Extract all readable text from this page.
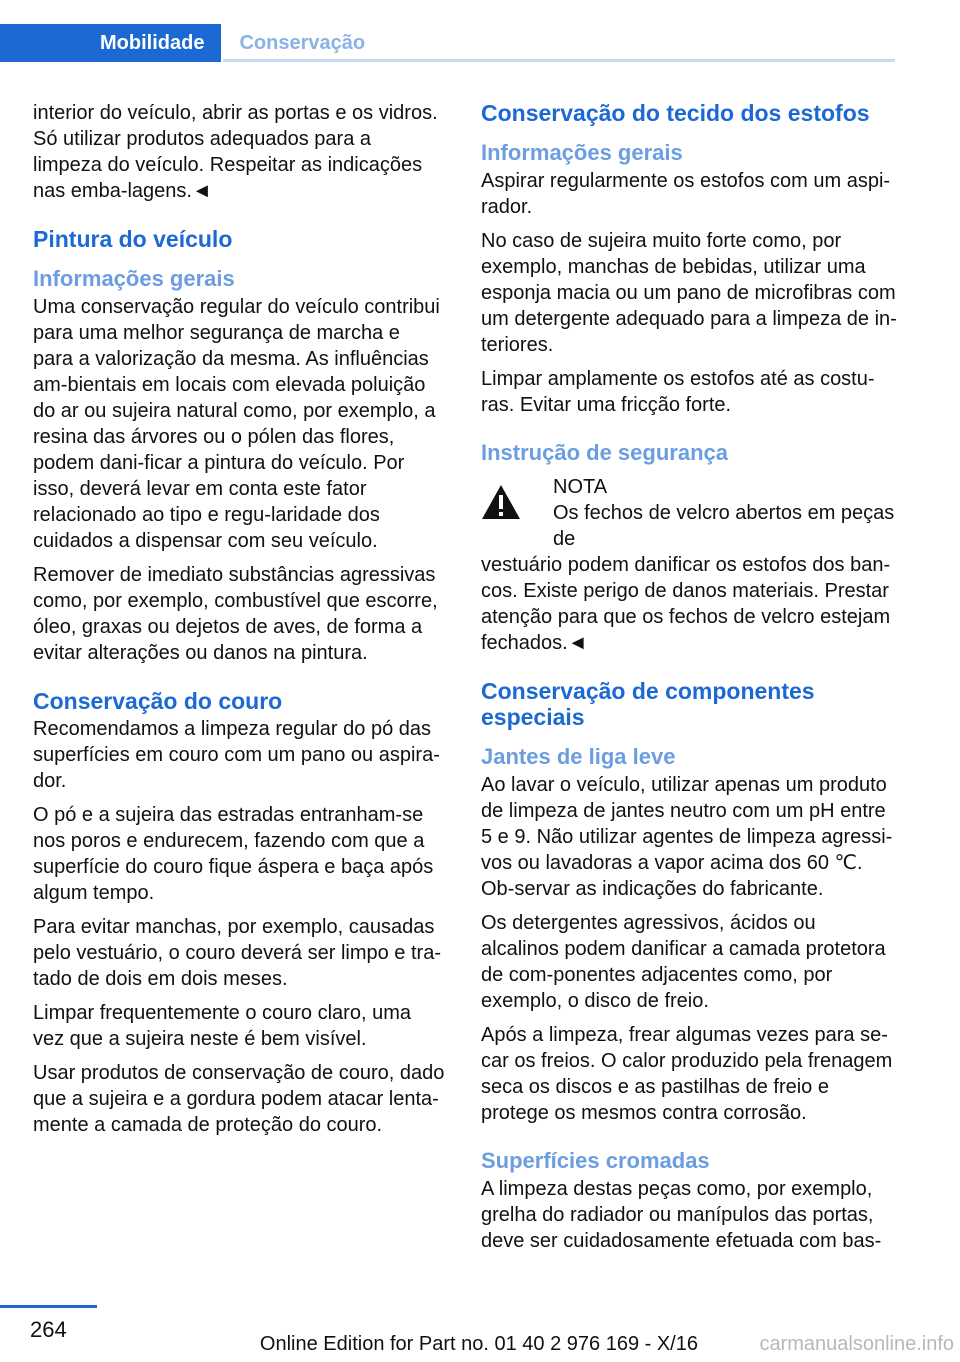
Mobilidade	Conservação

interior do veículo, abrir as portas e os vidros. Só utilizar produtos adequados para a limpeza do veículo. Respeitar as indicações nas emba‐lagens.◄

Pintura do veículo
Informações gerais

Uma conservação regular do veículo contribui para uma melhor segurança de marcha e para a valorização da mesma. As influências am‐bientais em locais com elevada poluição do ar ou sujeira natural como, por exemplo, a resina das árvores ou o pólen das flores, podem dani‐ficar a pintura do veículo. Por isso, deverá levar em conta este fator relacionado ao tipo e regu‐laridade dos cuidados a dispensar com seu veículo.

Remover de imediato substâncias agressivas como, por exemplo, combustível que escorre, óleo, graxas ou dejetos de aves, de forma a evitar alterações ou danos na pintura.

Conservação do couro

Recomendamos a limpeza regular do pó das superfícies em couro com um pano ou aspira‐dor.

O pó e a sujeira das estradas entranham-se nos poros e endurecem, fazendo com que a superfície do couro fique áspera e baça após algum tempo.

Para evitar manchas, por exemplo, causadas pelo vestuário, o couro deverá ser limpo e tra‐tado de dois em dois meses.

Limpar frequentemente o couro claro, uma vez que a sujeira neste é bem visível.

Usar produtos de conservação de couro, dado que a sujeira e a gordura podem atacar lenta‐mente a camada de proteção do couro.

Conservação do tecido dos estofos
Informações gerais

Aspirar regularmente os estofos com um aspi‐rador.

No caso de sujeira muito forte como, por exemplo, manchas de bebidas, utilizar uma esponja macia ou um pano de microfibras com um detergente adequado para a limpeza de in‐teriores.

Limpar amplamente os estofos até as costu‐ras. Evitar uma fricção forte.

Instrução de segurança
NOTA
Os fechos de velcro abertos em peças de
vestuário podem danificar os estofos dos ban‐cos. Existe perigo de danos materiais. Prestar atenção para que os fechos de velcro estejam fechados.◄
Conservação de componentes especiais
Jantes de liga leve

Ao lavar o veículo, utilizar apenas um produto de limpeza de jantes neutro com um pH entre 5 e 9. Não utilizar agentes de limpeza agressi‐vos ou lavadoras a vapor acima dos 60 ℃. Ob‐servar as indicações do fabricante.

Os detergentes agressivos, ácidos ou alcalinos podem danificar a camada protetora de com‐ponentes adjacentes como, por exemplo, o disco de freio.

Após a limpeza, frear algumas vezes para se‐car os freios. O calor produzido pela frenagem seca os discos e as pastilhas de freio e protege os mesmos contra corrosão.

Superfícies cromadas

A limpeza destas peças como, por exemplo, grelha do radiador ou manípulos das portas, deve ser cuidadosamente efetuada com bas‐

264
Online Edition for Part no. 01 40 2 976 169 - X/16	carmanualsonline.info
